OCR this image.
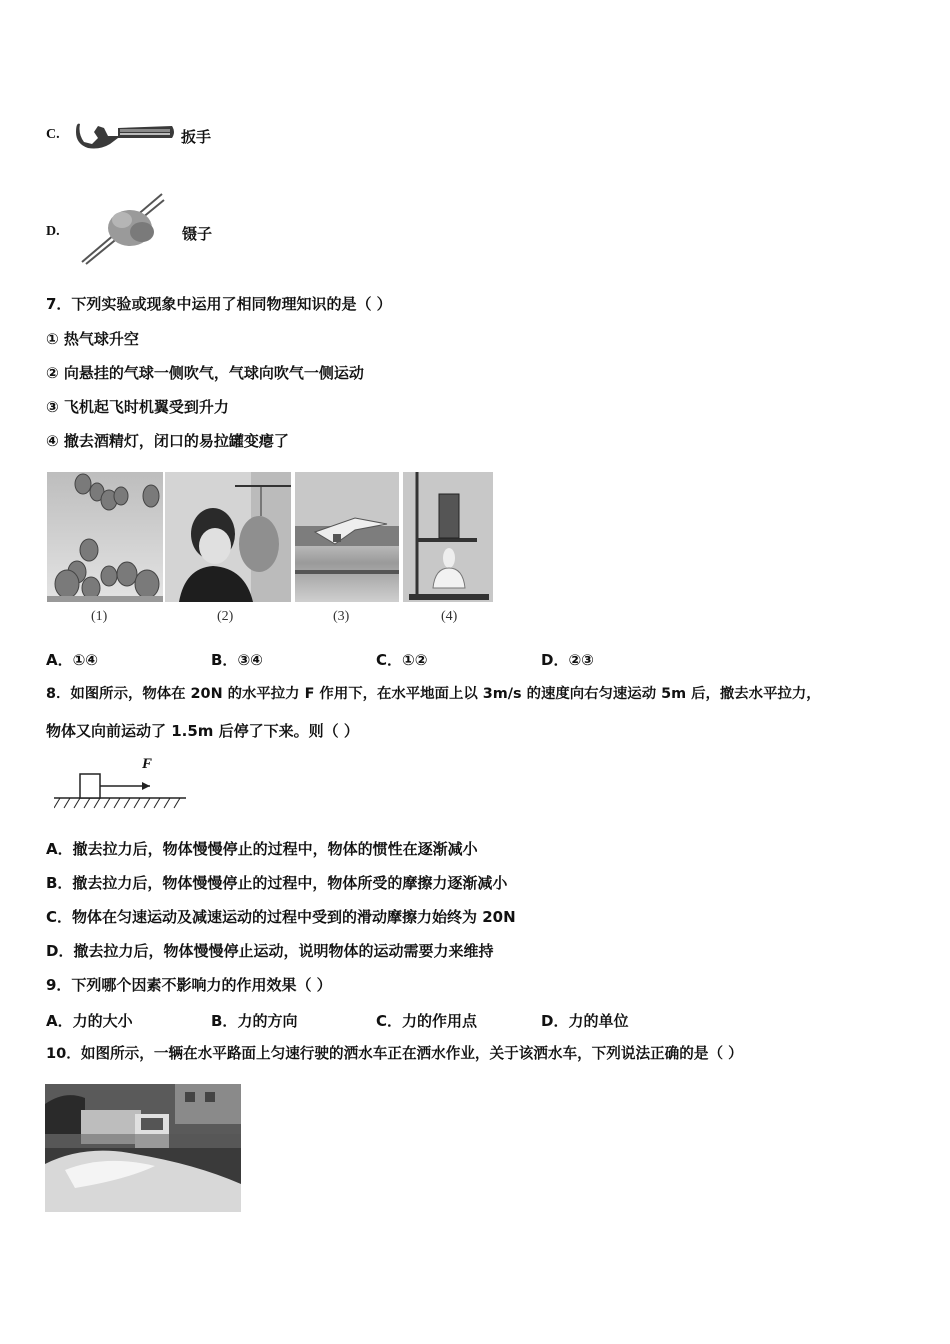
C.	扳手
D.	镊子
7．下列实验或现象中运用了相同物理知识的是（ ）
① 热气球升空
② 向悬挂的气球一侧吹气，气球向吹气一侧运动
③ 飞机起飞时机翼受到升力
④ 撤去酒精灯，闭口的易拉罐变瘪了
(1)	(2)	(3)	(4)
A．①④	B．③④	C．①②	D．②③
8．如图所示，物体在 20N 的水平拉力 F 作用下，在水平地面上以 3m/s 的速度向右匀速运动 5m 后，撤去水平拉力，
物体又向前运动了 1.5m 后停了下来。则（ ）
F
A．撤去拉力后，物体慢慢停止的过程中，物体的惯性在逐渐减小
B．撤去拉力后，物体慢慢停止的过程中，物体所受的摩擦力逐渐减小
C．物体在匀速运动及减速运动的过程中受到的滑动摩擦力始终为 20N
D．撤去拉力后，物体慢慢停止运动，说明物体的运动需要力来维持
9．下列哪个因素不影响力的作用效果（ ）
A．力的大小	B．力的方向	C．力的作用点	D．力的单位
10．如图所示，一辆在水平路面上匀速行驶的洒水车正在洒水作业，关于该洒水车，下列说法正确的是（ ）
